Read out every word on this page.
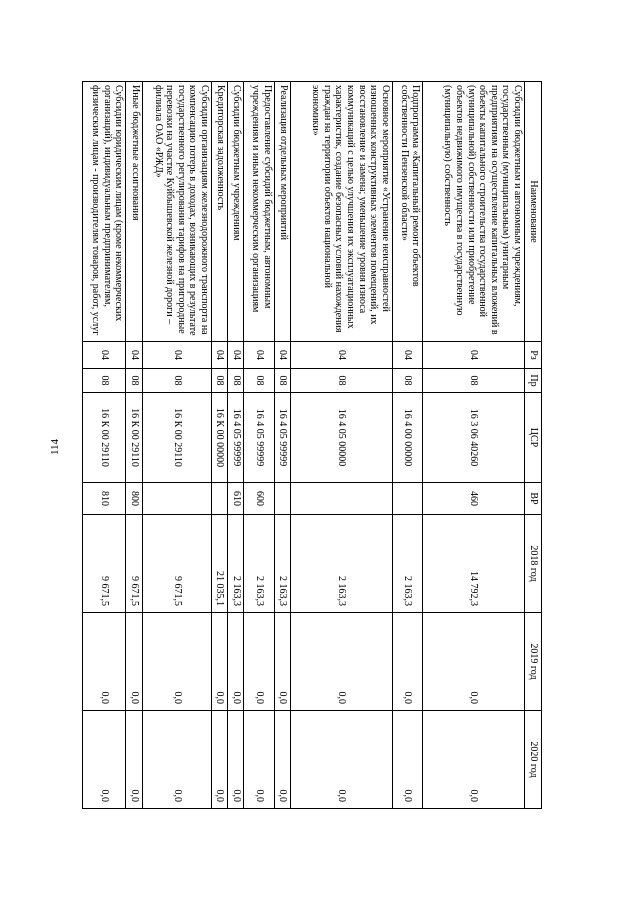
114
Наименование	Рз	Пр	ЦСР	ВР	2018 год	2019 год	2020 год
Субсидии бюджетным и автономным учреждениям, государственным (муниципальным) унитарным предприятиям на осуществление капитальных вложений в объекты капитального строительства государственной (муниципальной) собственности или приобретение объектов недвижимого имущества в государственную (муниципальную) собственность	04	08	16 3 06 40260	460	14 792,3	0,0	0,0
Подпрограмма «Капитальный ремонт объектов собственности Пензенской области»	04	08	16 4 00 00000		2 163,3	0,0	0,0
Основное мероприятие «Устранение неисправностей изношенных конструктивных элементов помещений, их восстановление и замена; уменьшение уровня износа коммуникаций с целью улучшения их эксплуатационных характеристик, создание безопасных условий нахождения граждан на территории объектов национальной экономики»	04	08	16 4 05 00000		2 163,3	0,0	0,0
Реализация отдельных мероприятий	04	08	16 4 05 99999		2 163,3	0,0	0,0
Предоставление субсидий бюджетным, автономным учреждениям и иным некоммерческим организациям	04	08	16 4 05 99999	600	2 163,3	0,0	0,0
Субсидии бюджетным учреждениям	04	08	16 4 05 99999	610	2 163,3	0,0	0,0
Кредиторская задолженность	04	08	16 К 00 00000		21 035,1	0,0	0,0
Субсидии организациям железнодорожного транспорта на компенсацию потерь в доходах, возникающих в результате государственного регулирования тарифов на пригородные перевозки на участке Куйбышевской железной дороги – филиала ОАО «РЖД»	04	08	16 К 00 29110		9 671,5	0,0	0,0
Иные бюджетные ассигнования	04	08	16 К 00 29110	800	9 671,5	0,0	0,0
Субсидии юридическим лицам (кроме некоммерческих организаций), индивидуальным предпринимателям, физическим лицам - производителям товаров, работ, услуг	04	08	16 К 00 29110	810	9 671,5	0,0	0,0
